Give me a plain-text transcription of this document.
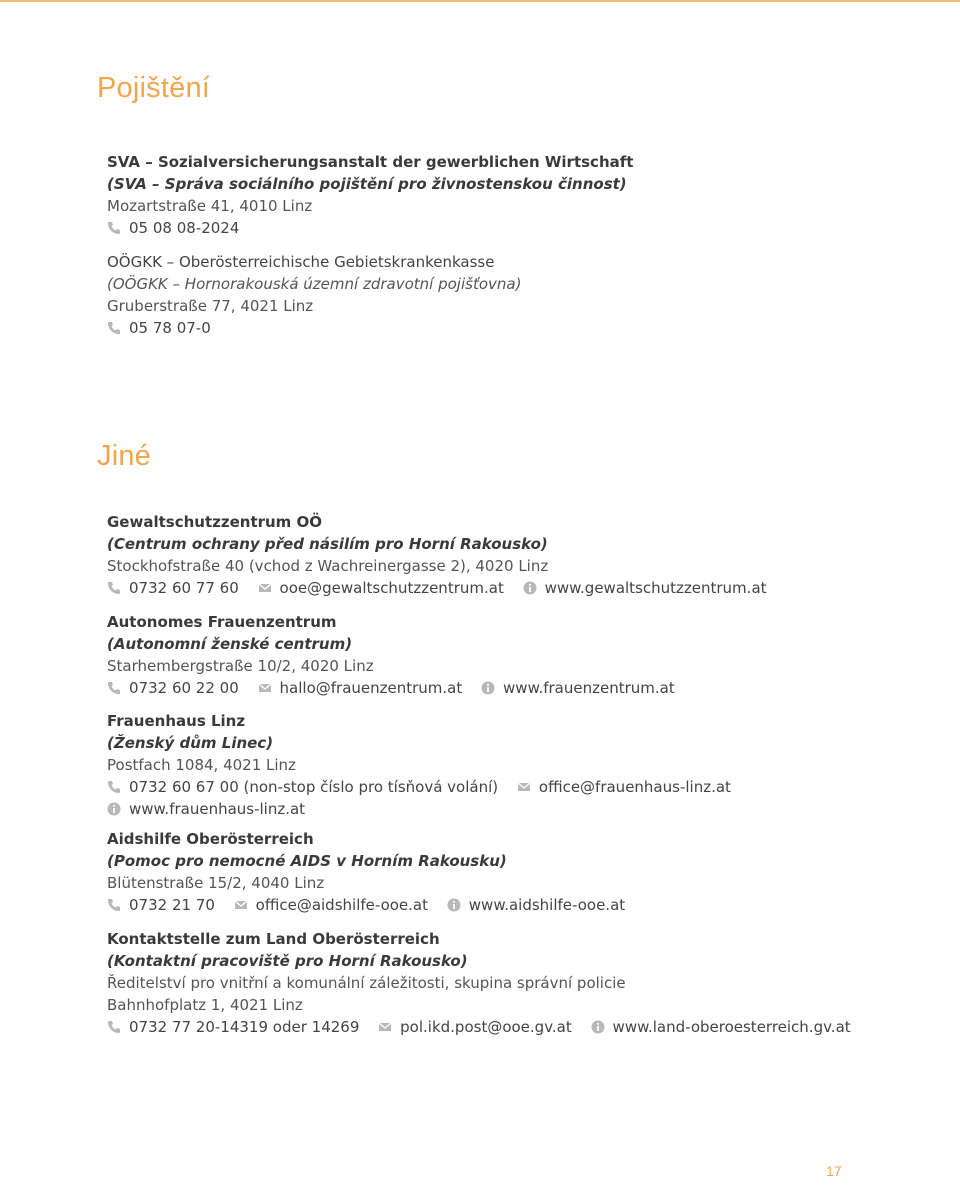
Pojištění
SVA – Sozialversicherungsanstalt der gewerblichen Wirtschaft
(SVA – Správa sociálního pojištění pro živnostenskou činnost)
Mozartstraße 41, 4010 Linz
05 08 08-2024
OÖGKK – Oberösterreichische Gebietskrankenkasse
(OÖGKK – Hornorakouská územní zdravotní pojišťovna)
Gruberstraße 77, 4021 Linz
05 78 07-0
Jiné
Gewaltschutzzentrum OÖ
(Centrum ochrany před násilím pro Horní Rakousko)
Stockhofstraße 40 (vchod z Wachreinergasse 2), 4020 Linz
0732 60 77 60	ooe@gewaltschutzzentrum.at	www.gewaltschutzzentrum.at
Autonomes Frauenzentrum
(Autonomní ženské centrum)
Starhembergstraße 10/2, 4020 Linz
0732 60 22 00	hallo@frauenzentrum.at	www.frauenzentrum.at
Frauenhaus Linz
(Ženský dům Linec)
Postfach 1084, 4021 Linz
0732 60 67 00 (non-stop číslo pro tísňová volání)	office@frauenhaus-linz.at
www.frauenhaus-linz.at
Aidshilfe Oberösterreich
(Pomoc pro nemocné AIDS v Horním Rakousku)
Blütenstraße 15/2, 4040 Linz
0732 21 70	office@aidshilfe-ooe.at	www.aidshilfe-ooe.at
Kontaktstelle zum Land Oberösterreich
(Kontaktní pracoviště pro Horní Rakousko)
Ředitelství pro vnitřní a komunální záležitosti, skupina správní policie
Bahnhofplatz 1, 4021 Linz
0732 77 20-14319 oder 14269	pol.ikd.post@ooe.gv.at	www.land-oberoesterreich.gv.at
17
